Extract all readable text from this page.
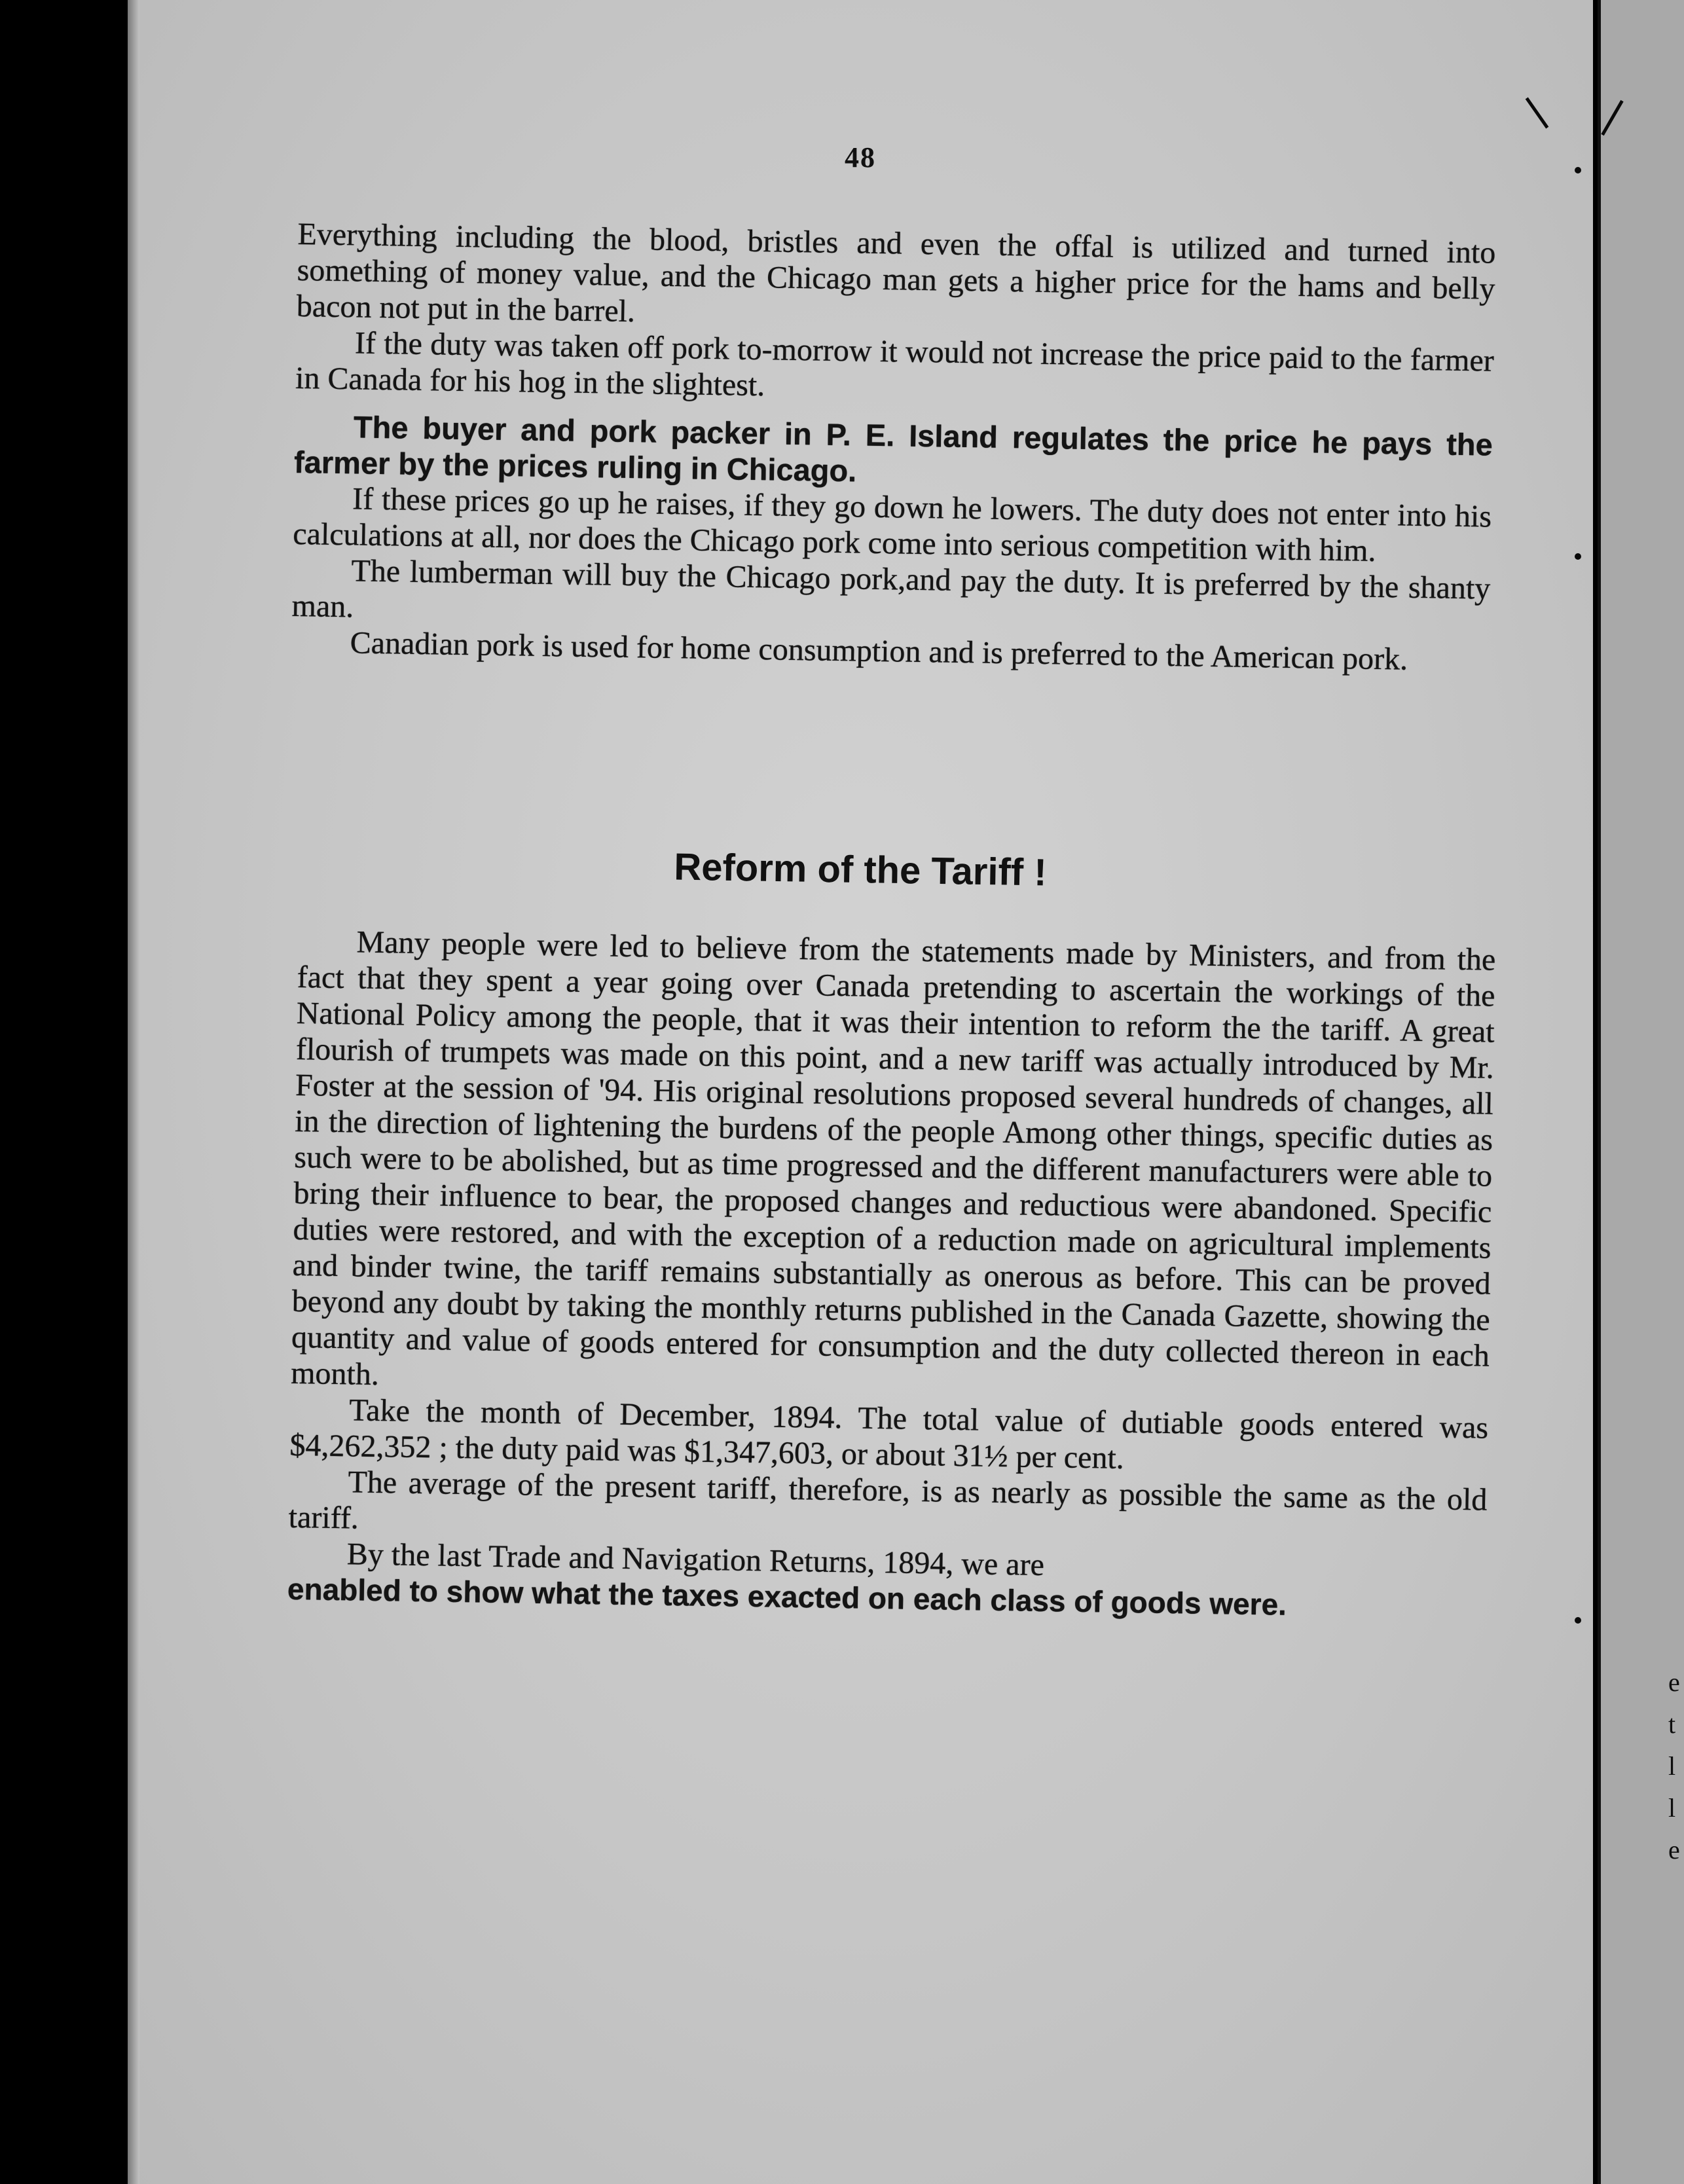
48

Everything including the blood, bristles and even the offal is utilized and turned into something of money value, and the Chicago man gets a higher price for the hams and belly bacon not put in the barrel.

If the duty was taken off pork to-morrow it would not increase the price paid to the farmer in Canada for his hog in the slightest.

The buyer and pork packer in P. E. Island regulates the price he pays the farmer by the prices ruling in Chicago.

If these prices go up he raises, if they go down he lowers. The duty does not enter into his calculations at all, nor does the Chicago pork come into serious competition with him.

The lumberman will buy the Chicago pork,and pay the duty. It is preferred by the shanty man.

Canadian pork is used for home consumption and is preferred to the American pork.

Reform of the Tariff !

Many people were led to believe from the statements made by Ministers, and from the fact that they spent a year going over Canada pretending to ascertain the workings of the National Policy among the people, that it was their intention to reform the the tariff. A great flourish of trumpets was made on this point, and a new tariff was actually introduced by Mr. Foster at the session of '94. His original resolutions proposed several hundreds of changes, all in the direction of lightening the burdens of the people Among other things, specific duties as such were to be abolished, but as time progressed and the different manufacturers were able to bring their influence to bear, the proposed changes and reductious were abandoned. Specific duties were restored, and with the exception of a reduction made on agricultural implements and binder twine, the tariff remains substantially as onerous as before. This can be proved beyond any doubt by taking the monthly returns published in the Canada Gazette, showing the quantity and value of goods entered for consumption and the duty collected thereon in each month.

Take the month of December, 1894. The total value of dutiable goods entered was $4,262,352 ; the duty paid was $1,347,603, or about 31½ per cent.

The average of the present tariff, therefore, is as nearly as possible the same as the old tariff.

By the last Trade and Navigation Returns, 1894, we are

enabled to show what the taxes exacted on each class of goods were.

e
t
l
l
e
